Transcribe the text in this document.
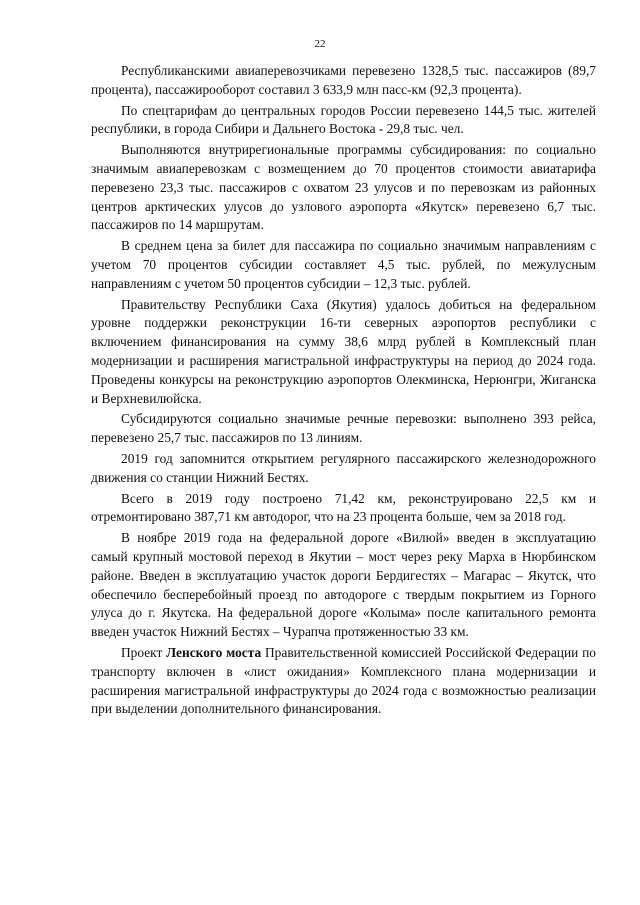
22

Республиканскими авиаперевозчиками перевезено 1328,5 тыс. пассажиров (89,7 процента), пассажирооборот составил 3 633,9 млн пасс-км (92,3 процента).

По спецтарифам до центральных городов России перевезено 144,5 тыс. жителей республики, в города Сибири и Дальнего Востока - 29,8 тыс. чел.

Выполняются внутрирегиональные программы субсидирования: по социально значимым авиаперевозкам с возмещением до 70 процентов стоимости авиатарифа перевезено 23,3 тыс. пассажиров с охватом 23 улусов и по перевозкам из районных центров арктических улусов до узлового аэропорта «Якутск» перевезено 6,7 тыс. пассажиров по 14 маршрутам.

В среднем цена за билет для пассажира по социально значимым направлениям с учетом 70 процентов субсидии составляет 4,5 тыс. рублей, по межулусным направлениям с учетом 50 процентов субсидии – 12,3 тыс. рублей.

Правительству Республики Саха (Якутия) удалось добиться на федеральном уровне поддержки реконструкции 16-ти северных аэропортов республики с включением финансирования на сумму 38,6 млрд рублей в Комплексный план модернизации и расширения магистральной инфраструктуры на период до 2024 года. Проведены конкурсы на реконструкцию аэропортов Олекминска, Нерюнгри, Жиганска и Верхневилюйска.

Субсидируются социально значимые речные перевозки: выполнено 393 рейса, перевезено 25,7 тыс. пассажиров по 13 линиям.

2019 год запомнится открытием регулярного пассажирского железнодорожного движения со станции Нижний Бестях.

Всего в 2019 году построено 71,42 км, реконструировано 22,5 км и отремонтировано 387,71 км автодорог, что на 23 процента больше, чем за 2018 год.

В ноябре 2019 года на федеральной дороге «Вилюй» введен в эксплуатацию самый крупный мостовой переход в Якутии – мост через реку Марха в Нюрбинском районе. Введен в эксплуатацию участок дороги Бердигестях – Магарас – Якутск, что обеспечило бесперебойный проезд по автодороге с твердым покрытием из Горного улуса до г. Якутска. На федеральной дороге «Колыма» после капитального ремонта введен участок Нижний Бестях – Чурапча протяженностью 33 км.

Проект Ленского моста Правительственной комиссией Российской Федерации по транспорту включен в «лист ожидания» Комплексного плана модернизации и расширения магистральной инфраструктуры до 2024 года с возможностью реализации при выделении дополнительного финансирования.
